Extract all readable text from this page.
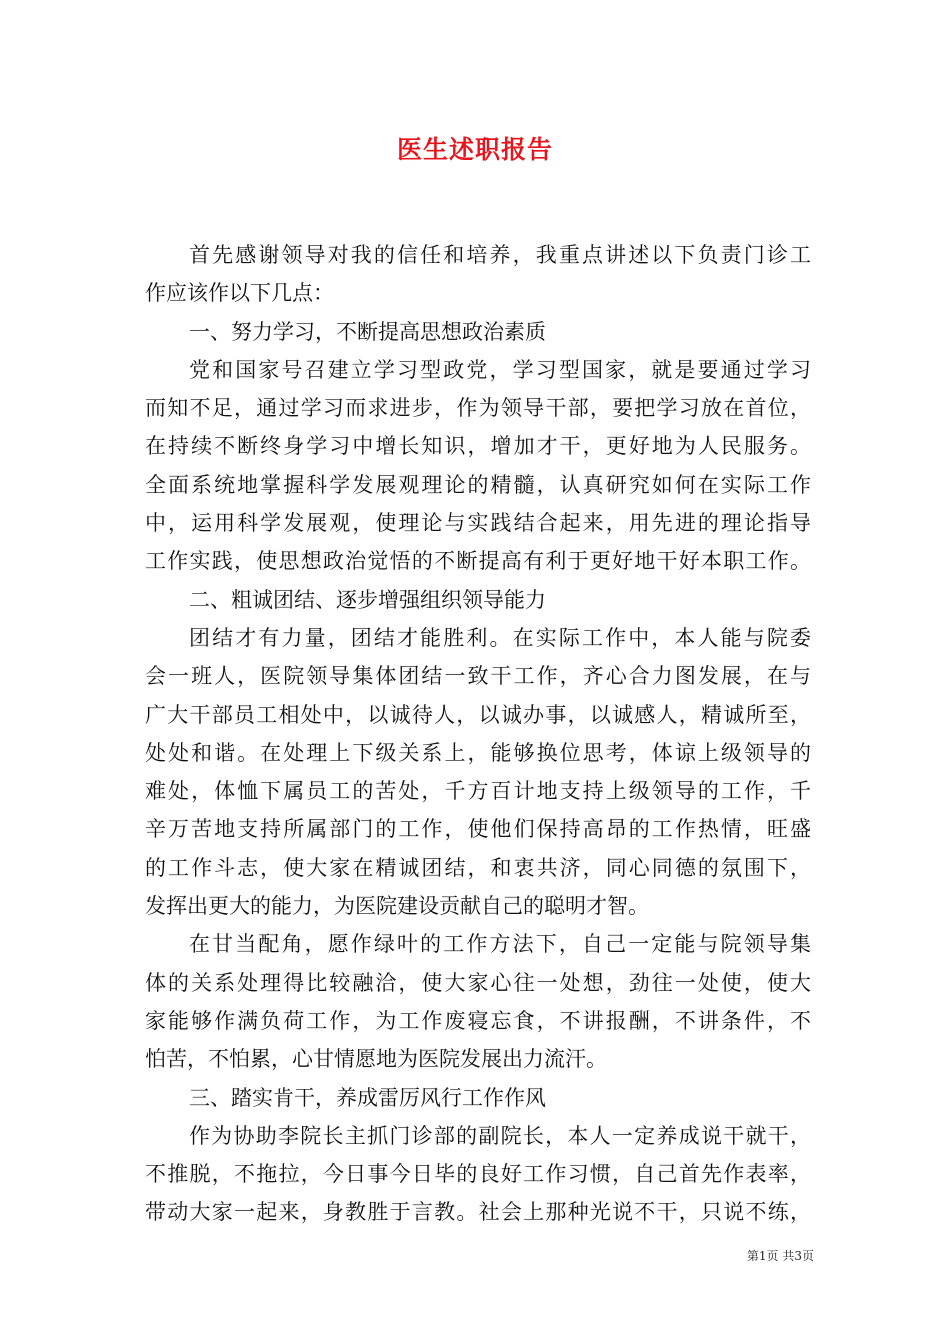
医生述职报告
首先感谢领导对我的信任和培养，我重点讲述以下负责门诊工
作应该作以下几点：
一、努力学习，不断提高思想政治素质
党和国家号召建立学习型政党，学习型国家，就是要通过学习
而知不足，通过学习而求进步，作为领导干部，要把学习放在首位，
在持续不断终身学习中增长知识，增加才干，更好地为人民服务。
全面系统地掌握科学发展观理论的精髓，认真研究如何在实际工作
中，运用科学发展观，使理论与实践结合起来，用先进的理论指导
工作实践，使思想政治觉悟的不断提高有利于更好地干好本职工作。
二、粗诚团结、逐步增强组织领导能力
团结才有力量，团结才能胜利。在实际工作中，本人能与院委
会一班人，医院领导集体团结一致干工作，齐心合力图发展，在与
广大干部员工相处中，以诚待人，以诚办事，以诚感人，精诚所至，
处处和谐。在处理上下级关系上，能够换位思考，体谅上级领导的
难处，体恤下属员工的苦处，千方百计地支持上级领导的工作，千
辛万苦地支持所属部门的工作，使他们保持高昂的工作热情，旺盛
的工作斗志，使大家在精诚团结，和衷共济，同心同德的氛围下，
发挥出更大的能力，为医院建设贡献自己的聪明才智。
在甘当配角，愿作绿叶的工作方法下，自己一定能与院领导集
体的关系处理得比较融洽，使大家心往一处想，劲往一处使，使大
家能够作满负荷工作，为工作废寝忘食，不讲报酬，不讲条件，不
怕苦，不怕累，心甘情愿地为医院发展出力流汗。
三、踏实肯干，养成雷厉风行工作作风
作为协助李院长主抓门诊部的副院长，本人一定养成说干就干，
不推脱，不拖拉，今日事今日毕的良好工作习惯，自己首先作表率，
带动大家一起来，身教胜于言教。社会上那种光说不干，只说不练，
第1页 共3页
